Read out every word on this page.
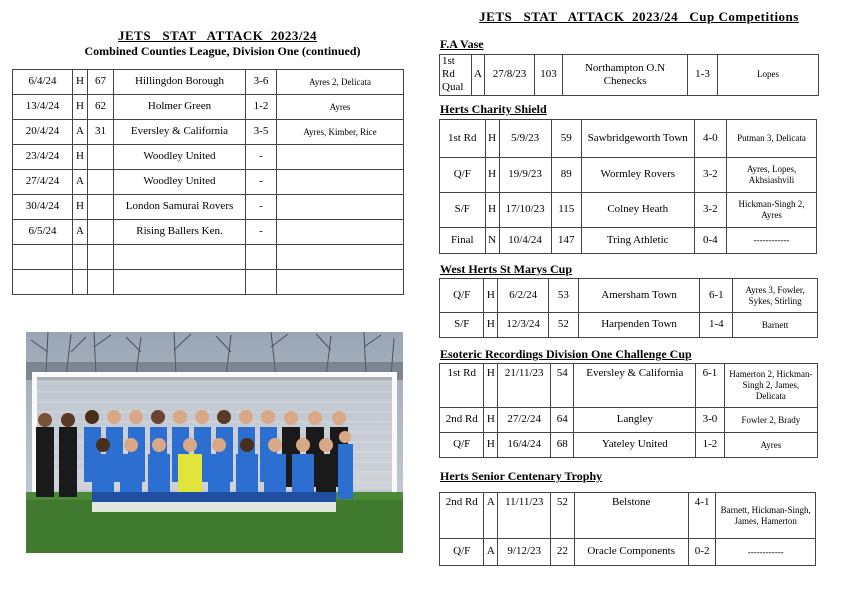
JETS   STAT   ATTACK  2023/24
Combined Counties League, Division One (continued)
6/4/24	H	67	Hillingdon Borough	3-6	Ayres 2, Delicata
13/4/24	H	62	Holmer Green	1-2	Ayres
20/4/24	A	31	Eversley & California	3-5	Ayres, Kimber, Rice
23/4/24	H		Woodley United	-	
27/4/24	A		Woodley United	-	
30/4/24	H		London Samurai Rovers	-	
6/5/24	A		Rising Ballers Ken.	-	

JETS   STAT   ATTACK  2023/24   Cup Competitions
F.A Vase
1st Rd Qual	A	27/8/23	103	Northampton O.N Chenecks	1-3	Lopes
Herts Charity Shield
1st Rd	H	5/9/23	59	Sawbridgeworth Town	4-0	Putman 3, Delicata
Q/F	H	19/9/23	89	Wormley Rovers	3-2	Ayres, Lopes, Akhsiashvili
S/F	H	17/10/23	115	Colney Heath	3-2	Hickman-Singh 2, Ayres
Final	N	10/4/24	147	Tring Athletic	0-4	------------
West Herts St Marys Cup
Q/F	H	6/2/24	53	Amersham Town	6-1	Ayres 3, Fowler, Sykes, Stirling
S/F	H	12/3/24	52	Harpenden Town	1-4	Barnett
Esoteric Recordings Division One Challenge Cup
1st Rd	H	21/11/23	54	Eversley & California	6-1	Hamerton 2, Hickman-Singh 2, James, Delicata
2nd Rd	H	27/2/24	64	Langley	3-0	Fowler 2, Brady
Q/F	H	16/4/24	68	Yateley United	1-2	Ayres
Herts Senior Centenary Trophy
2nd Rd	A	11/11/23	52	Belstone	4-1	Barnett, Hickman-Singh, James, Hamerton
Q/F	A	9/12/23	22	Oracle Components	0-2	------------
